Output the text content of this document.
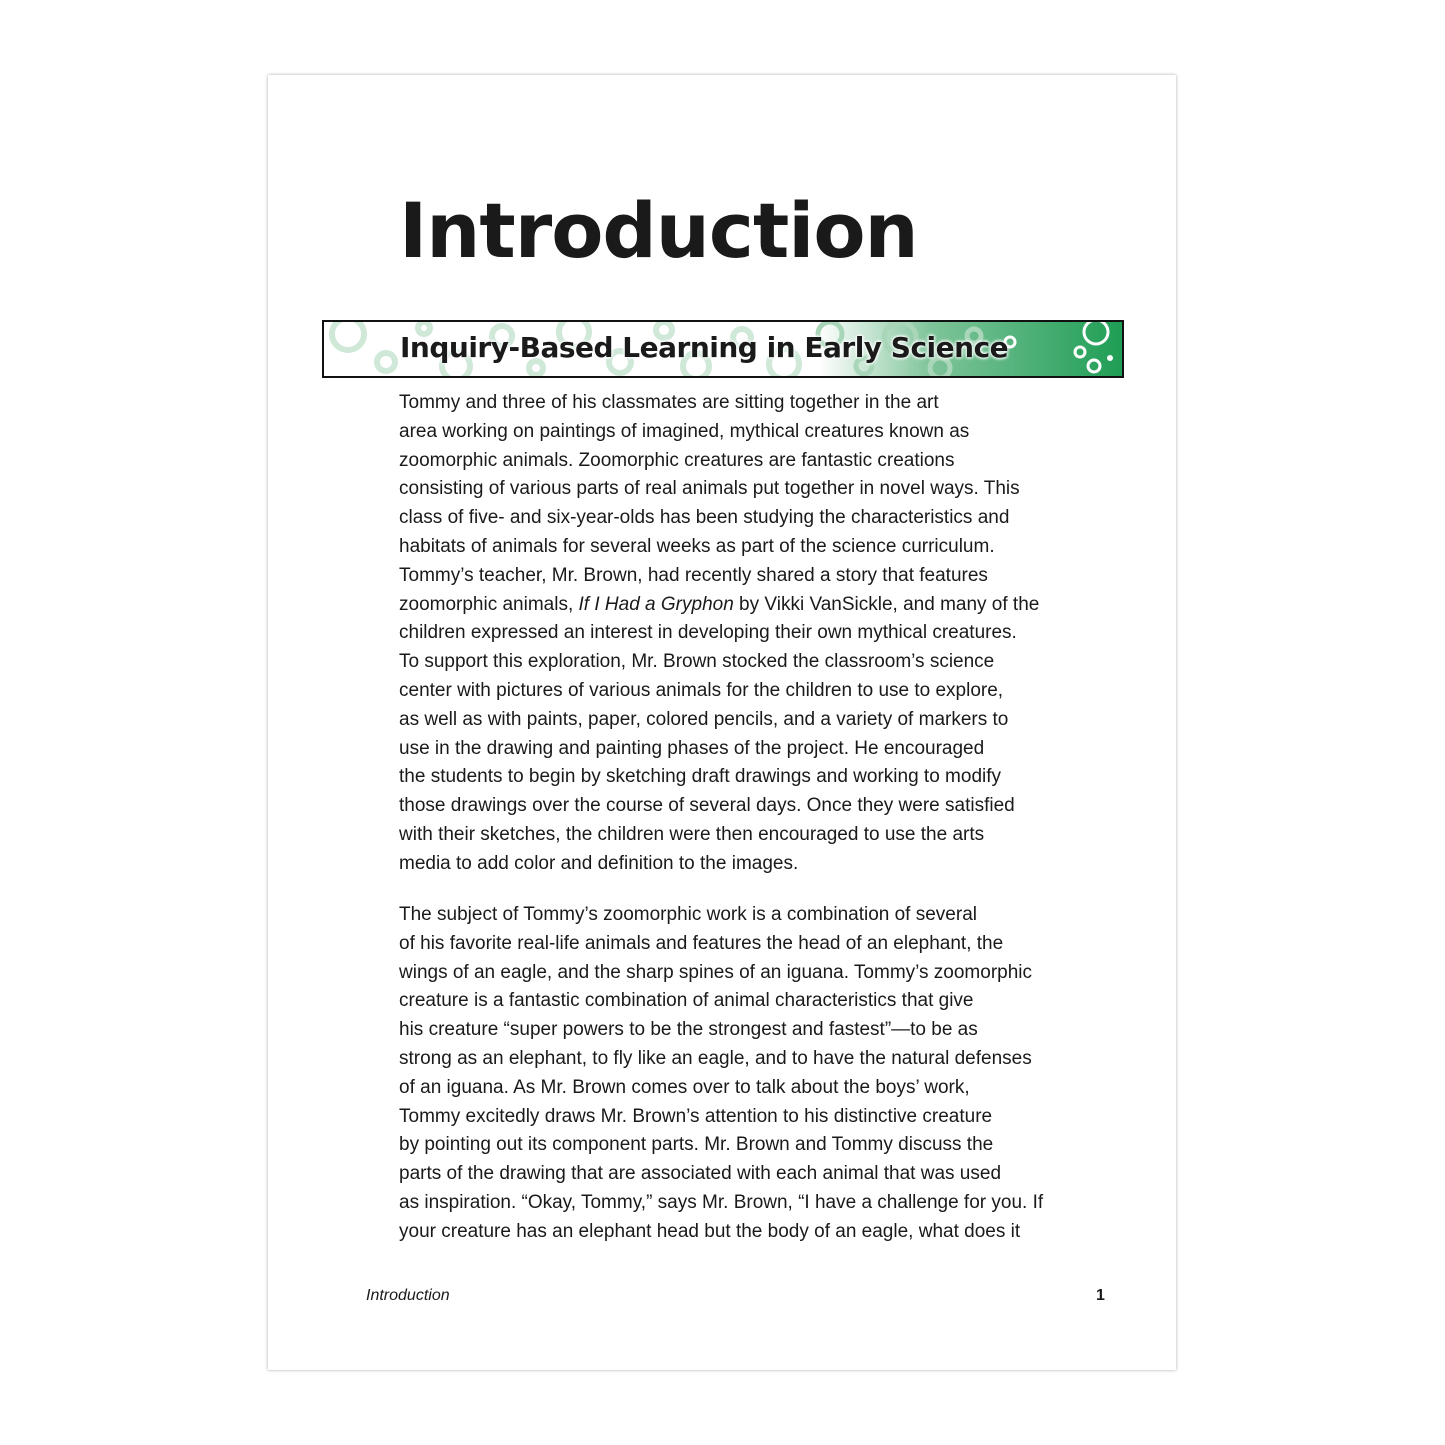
Introduction
Inquiry-Based Learning in Early Science
Tommy and three of his classmates are sitting together in the art
area working on paintings of imagined, mythical creatures known as
zoomorphic animals. Zoomorphic creatures are fantastic creations
consisting of various parts of real animals put together in novel ways. This
class of five- and six-year-olds has been studying the characteristics and
habitats of animals for several weeks as part of the science curriculum.
Tommy’s teacher, Mr. Brown, had recently shared a story that features
zoomorphic animals, If I Had a Gryphon by Vikki VanSickle, and many of the
children expressed an interest in developing their own mythical creatures.
To support this exploration, Mr. Brown stocked the classroom’s science
center with pictures of various animals for the children to use to explore,
as well as with paints, paper, colored pencils, and a variety of markers to
use in the drawing and painting phases of the project. He encouraged
the students to begin by sketching draft drawings and working to modify
those drawings over the course of several days. Once they were satisfied
with their sketches, the children were then encouraged to use the arts
media to add color and definition to the images.
The subject of Tommy’s zoomorphic work is a combination of several
of his favorite real-life animals and features the head of an elephant, the
wings of an eagle, and the sharp spines of an iguana. Tommy’s zoomorphic
creature is a fantastic combination of animal characteristics that give
his creature “super powers to be the strongest and fastest”—to be as
strong as an elephant, to fly like an eagle, and to have the natural defenses
of an iguana. As Mr. Brown comes over to talk about the boys’ work,
Tommy excitedly draws Mr. Brown’s attention to his distinctive creature
by pointing out its component parts. Mr. Brown and Tommy discuss the
parts of the drawing that are associated with each animal that was used
as inspiration. “Okay, Tommy,” says Mr. Brown, “I have a challenge for you. If
your creature has an elephant head but the body of an eagle, what does it
Introduction	1
